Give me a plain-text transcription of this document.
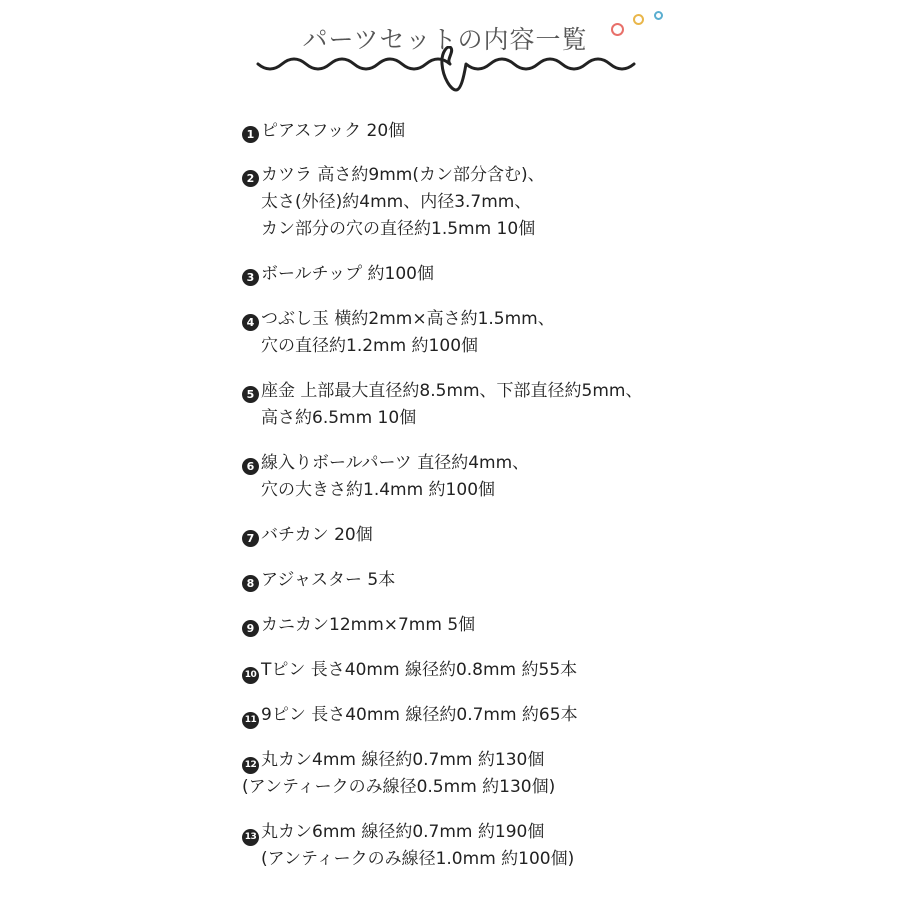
パーツセットの内容一覧
1 ピアスフック 20個
2 カツラ 高さ約9mm(カン部分含む)、
太さ(外径)約4mm、内径3.7mm、
カン部分の穴の直径約1.5mm 10個
3 ボールチップ 約100個
4 つぶし玉 横約2mm×高さ約1.5mm、
穴の直径約1.2mm 約100個
5 座金 上部最大直径約8.5mm、下部直径約5mm、
高さ約6.5mm 10個
6 線入りボールパーツ 直径約4mm、
穴の大きさ約1.4mm 約100個
7 バチカン 20個
8 アジャスター 5本
9 カニカン12mm×7mm 5個
10 Tピン 長さ40mm 線径約0.8mm 約55本
11 9ピン 長さ40mm 線径約0.7mm 約65本
12 丸カン4mm 線径約0.7mm 約130個
(アンティークのみ線径0.5mm 約130個)
13 丸カン6mm 線径約0.7mm 約190個
(アンティークのみ線径1.0mm 約100個)
